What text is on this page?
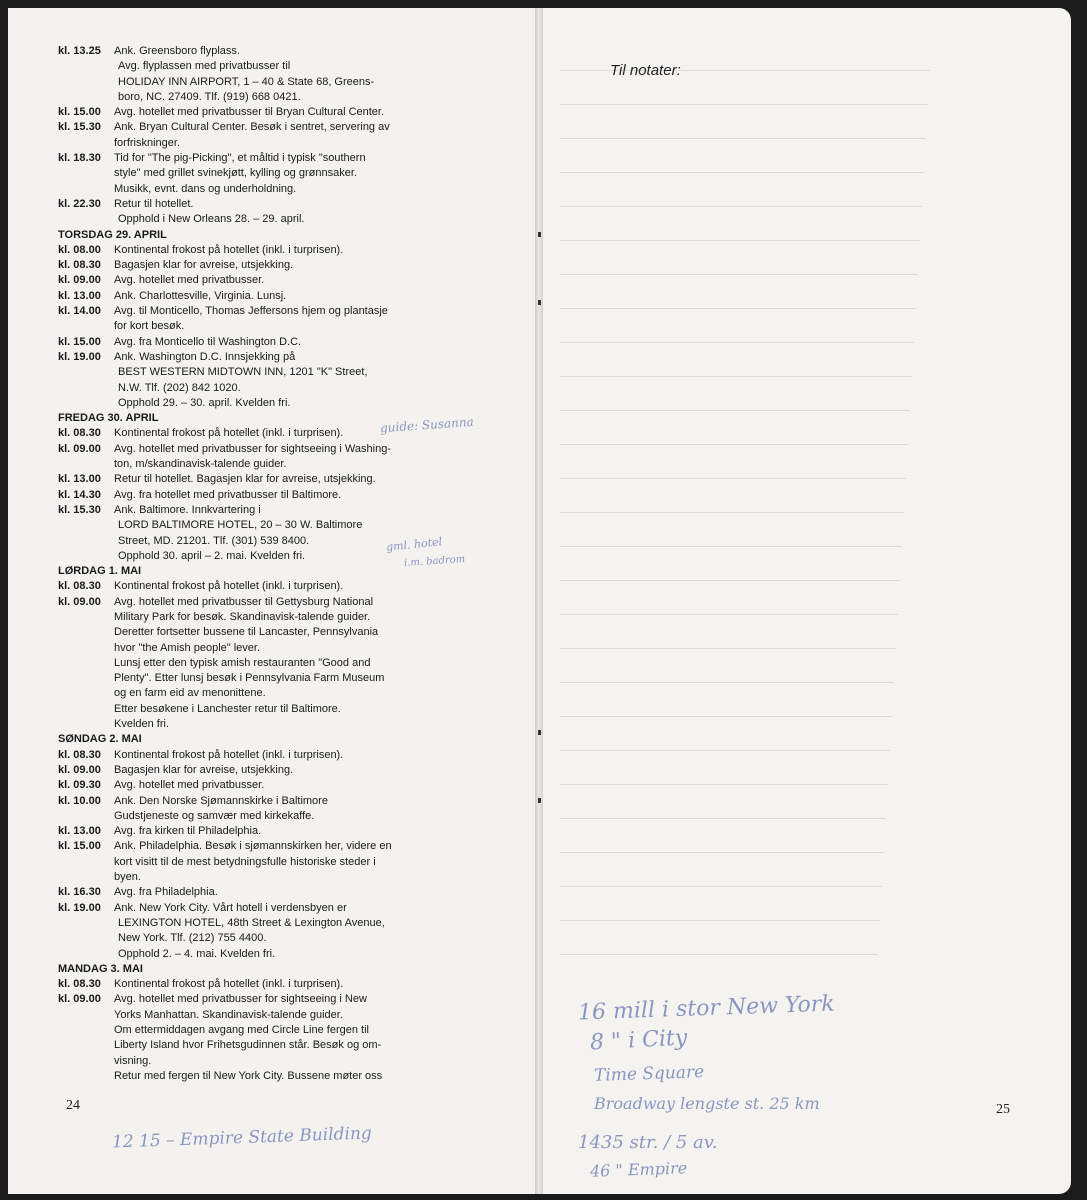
kl. 13.25	Ank. Greensboro flyplass.
Avg. flyplassen med privatbusser til
HOLIDAY INN AIRPORT, 1 – 40 & State 68, Greens-
boro, NC. 27409. Tlf. (919) 668 0421.
kl. 15.00	Avg. hotellet med privatbusser til Bryan Cultural Center.
kl. 15.30	Ank. Bryan Cultural Center. Besøk i sentret, servering av
forfriskninger.
kl. 18.30	Tid for "The pig-Picking", et måltid i typisk "southern
style" med grillet svinekjøtt, kylling og grønnsaker.
Musikk, evnt. dans og underholdning.
kl. 22.30	Retur til hotellet.
Opphold i New Orleans 28. – 29. april.
TORSDAG 29. APRIL
kl. 08.00	Kontinental frokost på hotellet (inkl. i turprisen).
kl. 08.30	Bagasjen klar for avreise, utsjekking.
kl. 09.00	Avg. hotellet med privatbusser.
kl. 13.00	Ank. Charlottesville, Virginia. Lunsj.
kl. 14.00	Avg. til Monticello, Thomas Jeffersons hjem og plantasje
for kort besøk.
kl. 15.00	Avg. fra Monticello til Washington D.C.
kl. 19.00	Ank. Washington D.C. Innsjekking på
BEST WESTERN MIDTOWN INN, 1201 "K" Street,
N.W. Tlf. (202) 842 1020.
Opphold 29. – 30. april. Kvelden fri.
FREDAG 30. APRIL
kl. 08.30	Kontinental frokost på hotellet (inkl. i turprisen).
kl. 09.00	Avg. hotellet med privatbusser for sightseeing i Washing-
ton, m/skandinavisk-talende guider.
kl. 13.00	Retur til hotellet. Bagasjen klar for avreise, utsjekking.
kl. 14.30	Avg. fra hotellet med privatbusser til Baltimore.
kl. 15.30	Ank. Baltimore. Innkvartering i
LORD BALTIMORE HOTEL, 20 – 30 W. Baltimore
Street, MD. 21201. Tlf. (301) 539 8400.
Opphold 30. april – 2. mai. Kvelden fri.
LØRDAG 1. MAI
kl. 08.30	Kontinental frokost på hotellet (inkl. i turprisen).
kl. 09.00	Avg. hotellet med privatbusser til Gettysburg National
Military Park for besøk. Skandinavisk-talende guider.
Deretter fortsetter bussene til Lancaster, Pennsylvania
hvor "the Amish people" lever.
Lunsj etter den typisk amish restauranten "Good and
Plenty". Etter lunsj besøk i Pennsylvania Farm Museum
og en farm eid av menonittene.
Etter besøkene i Lanchester retur til Baltimore.
Kvelden fri.
SØNDAG 2. MAI
kl. 08.30	Kontinental frokost på hotellet (inkl. i turprisen).
kl. 09.00	Bagasjen klar for avreise, utsjekking.
kl. 09.30	Avg. hotellet med privatbusser.
kl. 10.00	Ank. Den Norske Sjømannskirke i Baltimore
Gudstjeneste og samvær med kirkekaffe.
kl. 13.00	Avg. fra kirken til Philadelphia.
kl. 15.00	Ank. Philadelphia. Besøk i sjømannskirken her, videre en
kort visitt til de mest betydningsfulle historiske steder i
byen.
kl. 16.30	Avg. fra Philadelphia.
kl. 19.00	Ank. New York City. Vårt hotell i verdensbyen er
LEXINGTON HOTEL, 48th Street & Lexington Avenue,
New York. Tlf. (212) 755 4400.
Opphold 2. – 4. mai. Kvelden fri.
MANDAG 3. MAI
kl. 08.30	Kontinental frokost på hotellet (inkl. i turprisen).
kl. 09.00	Avg. hotellet med privatbusser for sightseeing i New
Yorks Manhattan. Skandinavisk-talende guider.
Om ettermiddagen avgang med Circle Line fergen til
Liberty Island hvor Frihetsgudinnen står. Besøk og om-
visning.
Retur med fergen til New York City. Bussene møter oss
24	25
Til notater:
guide: Susanna
gml. hotel
i.m. badrom
12 15 – Empire State Building
16 mill i stor New York
8 " i City
Time Square
Broadway lengste st. 25 km
1435 str. / 5 av.
46 " Empire
